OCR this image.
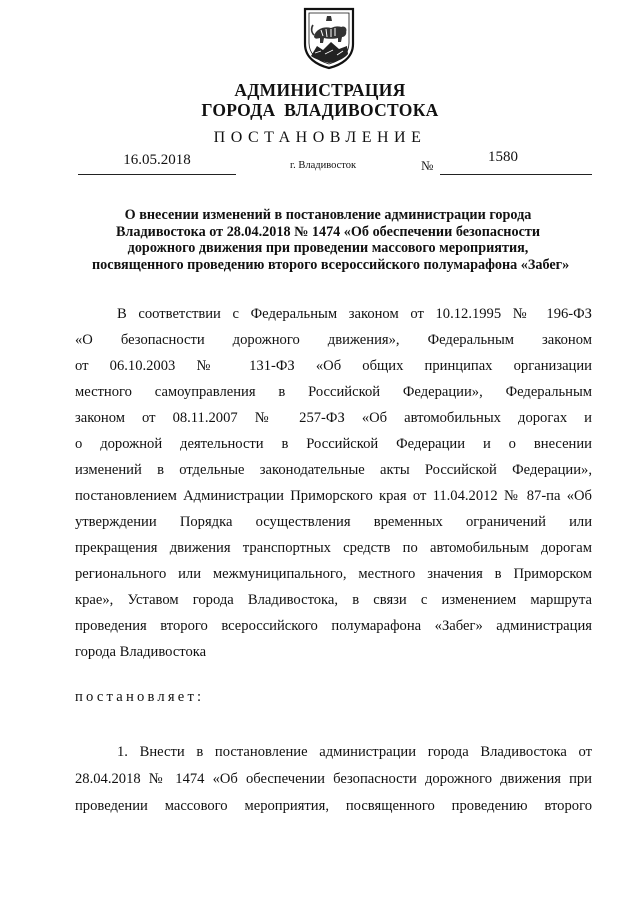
АДМИНИСТРАЦИЯ
ГОРОДА ВЛАДИВОСТОКА
ПОСТАНОВЛЕНИЕ
16.05.2018	г. Владивосток	№
1580
О внесении изменений в постановление администрации города
Владивостока от 28.04.2018 № 1474 «Об обеспечении безопасности
дорожного движения при проведении массового мероприятия,
посвященного проведению второго всероссийского полумарафона «Забег»
В соответствии с Федеральным законом от 10.12.1995 № 196-ФЗ
«О безопасности дорожного движения», Федеральным законом
от 06.10.2003 № 131-ФЗ «Об общих принципах организации
местного самоуправления в Российской Федерации», Федеральным
законом от 08.11.2007 № 257-ФЗ «Об автомобильных дорогах и
о дорожной деятельности в Российской Федерации и о внесении
изменений в отдельные законодательные акты Российской Федерации»,
постановлением Администрации Приморского края от 11.04.2012 № 87-па «Об
утверждении Порядка осуществления временных ограничений или
прекращения движения транспортных средств по автомобильным дорогам
регионального или межмуниципального, местного значения в Приморском
крае», Уставом города Владивостока, в связи с изменением маршрута
проведения второго всероссийского полумарафона «Забег» администрация
города Владивостока
постановляет:
1. Внести в постановление администрации города Владивостока от
28.04.2018 № 1474 «Об обеспечении безопасности дорожного движения при
проведении массового мероприятия, посвященного проведению второго
